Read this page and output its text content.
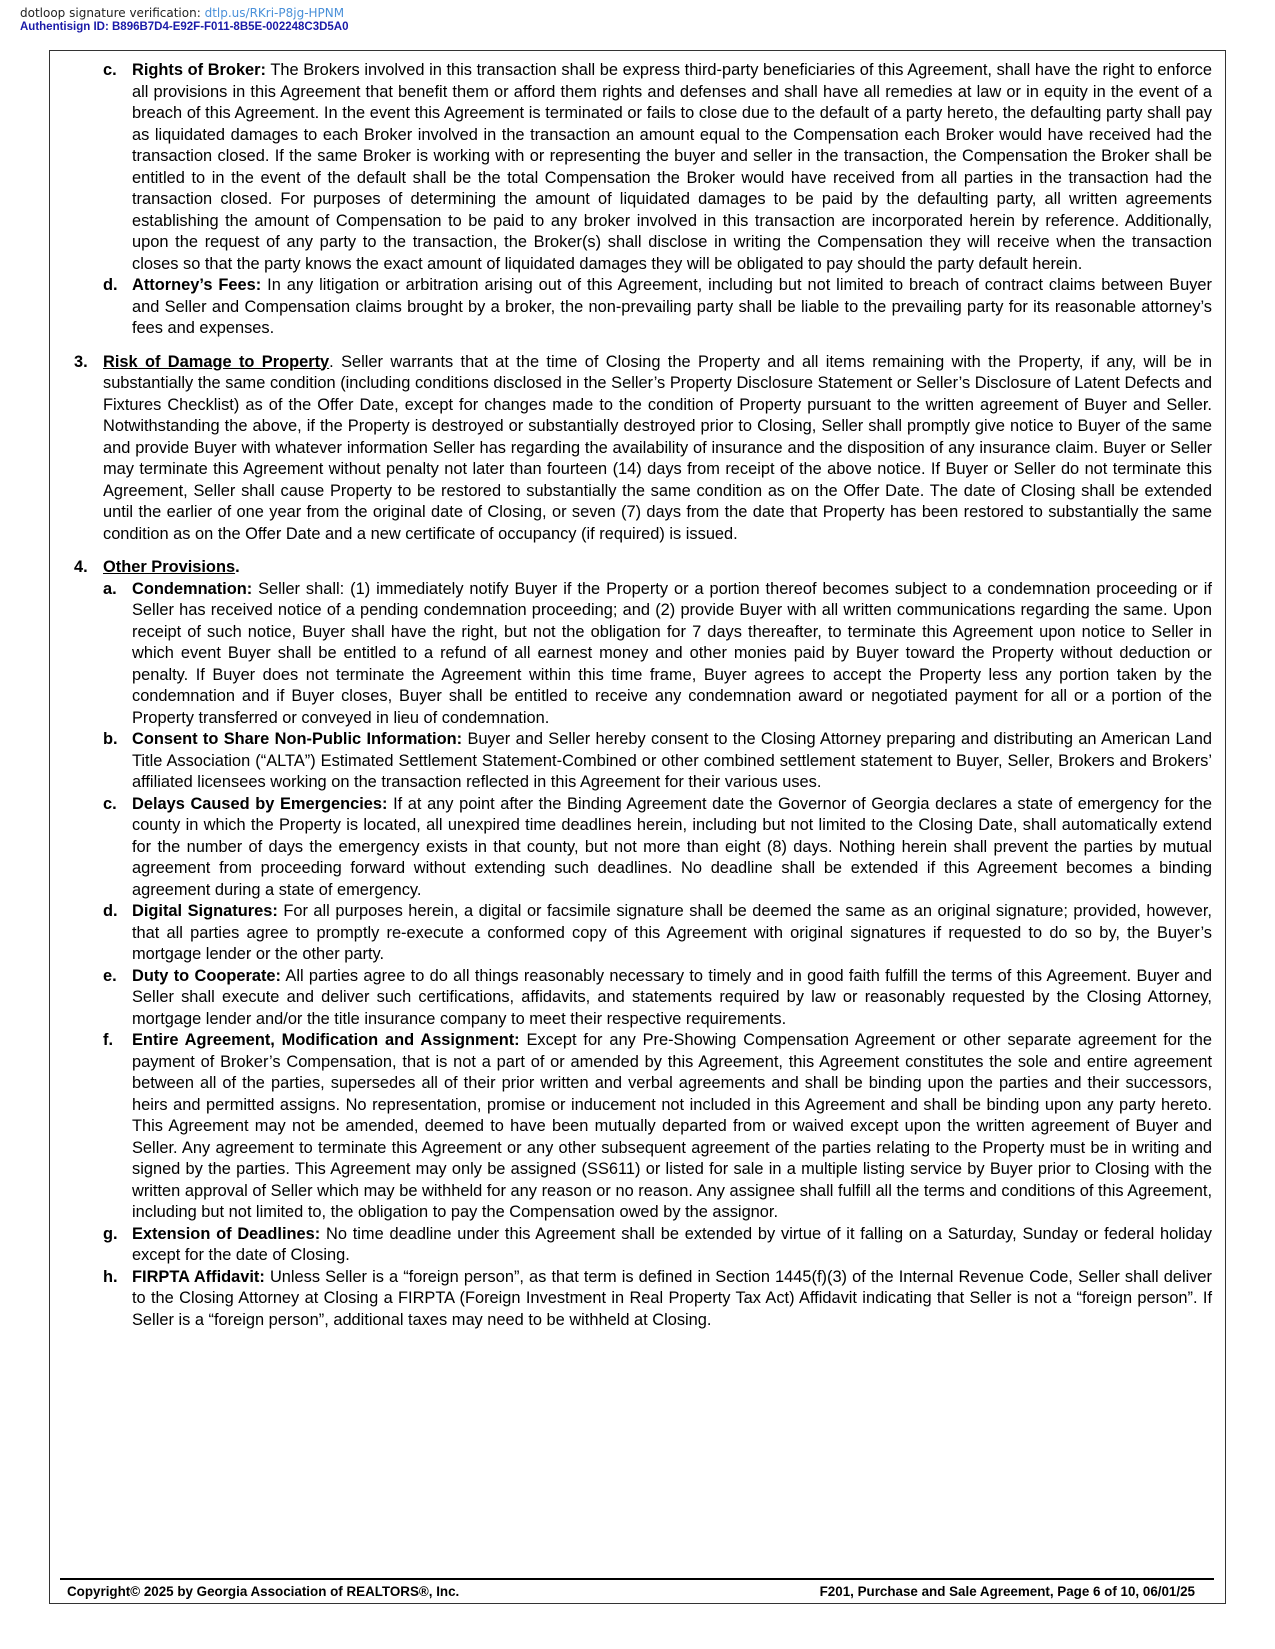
dotloop signature verification: dtlp.us/RKri-P8jg-HPNM
Authentisign ID: B896B7D4-E92F-F011-8B5E-002248C3D5A0
c. Rights of Broker: The Brokers involved in this transaction shall be express third-party beneficiaries of this Agreement, shall have the right to enforce all provisions in this Agreement that benefit them or afford them rights and defenses and shall have all remedies at law or in equity in the event of a breach of this Agreement. In the event this Agreement is terminated or fails to close due to the default of a party hereto, the defaulting party shall pay as liquidated damages to each Broker involved in the transaction an amount equal to the Compensation each Broker would have received had the transaction closed. If the same Broker is working with or representing the buyer and seller in the transaction, the Compensation the Broker shall be entitled to in the event of the default shall be the total Compensation the Broker would have received from all parties in the transaction had the transaction closed. For purposes of determining the amount of liquidated damages to be paid by the defaulting party, all written agreements establishing the amount of Compensation to be paid to any broker involved in this transaction are incorporated herein by reference. Additionally, upon the request of any party to the transaction, the Broker(s) shall disclose in writing the Compensation they will receive when the transaction closes so that the party knows the exact amount of liquidated damages they will be obligated to pay should the party default herein.
d. Attorney’s Fees: In any litigation or arbitration arising out of this Agreement, including but not limited to breach of contract claims between Buyer and Seller and Compensation claims brought by a broker, the non-prevailing party shall be liable to the prevailing party for its reasonable attorney’s fees and expenses.
3. Risk of Damage to Property. Seller warrants that at the time of Closing the Property and all items remaining with the Property, if any, will be in substantially the same condition (including conditions disclosed in the Seller’s Property Disclosure Statement or Seller’s Disclosure of Latent Defects and Fixtures Checklist) as of the Offer Date, except for changes made to the condition of Property pursuant to the written agreement of Buyer and Seller. Notwithstanding the above, if the Property is destroyed or substantially destroyed prior to Closing, Seller shall promptly give notice to Buyer of the same and provide Buyer with whatever information Seller has regarding the availability of insurance and the disposition of any insurance claim. Buyer or Seller may terminate this Agreement without penalty not later than fourteen (14) days from receipt of the above notice. If Buyer or Seller do not terminate this Agreement, Seller shall cause Property to be restored to substantially the same condition as on the Offer Date. The date of Closing shall be extended until the earlier of one year from the original date of Closing, or seven (7) days from the date that Property has been restored to substantially the same condition as on the Offer Date and a new certificate of occupancy (if required) is issued.
4. Other Provisions.
a. Condemnation: Seller shall: (1) immediately notify Buyer if the Property or a portion thereof becomes subject to a condemnation proceeding or if Seller has received notice of a pending condemnation proceeding; and (2) provide Buyer with all written communications regarding the same. Upon receipt of such notice, Buyer shall have the right, but not the obligation for 7 days thereafter, to terminate this Agreement upon notice to Seller in which event Buyer shall be entitled to a refund of all earnest money and other monies paid by Buyer toward the Property without deduction or penalty. If Buyer does not terminate the Agreement within this time frame, Buyer agrees to accept the Property less any portion taken by the condemnation and if Buyer closes, Buyer shall be entitled to receive any condemnation award or negotiated payment for all or a portion of the Property transferred or conveyed in lieu of condemnation.
b. Consent to Share Non-Public Information: Buyer and Seller hereby consent to the Closing Attorney preparing and distributing an American Land Title Association (“ALTA”) Estimated Settlement Statement-Combined or other combined settlement statement to Buyer, Seller, Brokers and Brokers’ affiliated licensees working on the transaction reflected in this Agreement for their various uses.
c. Delays Caused by Emergencies: If at any point after the Binding Agreement date the Governor of Georgia declares a state of emergency for the county in which the Property is located, all unexpired time deadlines herein, including but not limited to the Closing Date, shall automatically extend for the number of days the emergency exists in that county, but not more than eight (8) days. Nothing herein shall prevent the parties by mutual agreement from proceeding forward without extending such deadlines. No deadline shall be extended if this Agreement becomes a binding agreement during a state of emergency.
d. Digital Signatures: For all purposes herein, a digital or facsimile signature shall be deemed the same as an original signature; provided, however, that all parties agree to promptly re-execute a conformed copy of this Agreement with original signatures if requested to do so by, the Buyer’s mortgage lender or the other party.
e. Duty to Cooperate: All parties agree to do all things reasonably necessary to timely and in good faith fulfill the terms of this Agreement. Buyer and Seller shall execute and deliver such certifications, affidavits, and statements required by law or reasonably requested by the Closing Attorney, mortgage lender and/or the title insurance company to meet their respective requirements.
f. Entire Agreement, Modification and Assignment: Except for any Pre-Showing Compensation Agreement or other separate agreement for the payment of Broker’s Compensation, that is not a part of or amended by this Agreement, this Agreement constitutes the sole and entire agreement between all of the parties, supersedes all of their prior written and verbal agreements and shall be binding upon the parties and their successors, heirs and permitted assigns. No representation, promise or inducement not included in this Agreement and shall be binding upon any party hereto. This Agreement may not be amended, deemed to have been mutually departed from or waived except upon the written agreement of Buyer and Seller. Any agreement to terminate this Agreement or any other subsequent agreement of the parties relating to the Property must be in writing and signed by the parties. This Agreement may only be assigned (SS611) or listed for sale in a multiple listing service by Buyer prior to Closing with the written approval of Seller which may be withheld for any reason or no reason. Any assignee shall fulfill all the terms and conditions of this Agreement, including but not limited to, the obligation to pay the Compensation owed by the assignor.
g. Extension of Deadlines: No time deadline under this Agreement shall be extended by virtue of it falling on a Saturday, Sunday or federal holiday except for the date of Closing.
h. FIRPTA Affidavit: Unless Seller is a “foreign person”, as that term is defined in Section 1445(f)(3) of the Internal Revenue Code, Seller shall deliver to the Closing Attorney at Closing a FIRPTA (Foreign Investment in Real Property Tax Act) Affidavit indicating that Seller is not a “foreign person”. If Seller is a “foreign person”, additional taxes may need to be withheld at Closing.
Copyright© 2025 by Georgia Association of REALTORS®, Inc.	F201, Purchase and Sale Agreement, Page 6 of 10, 06/01/25
